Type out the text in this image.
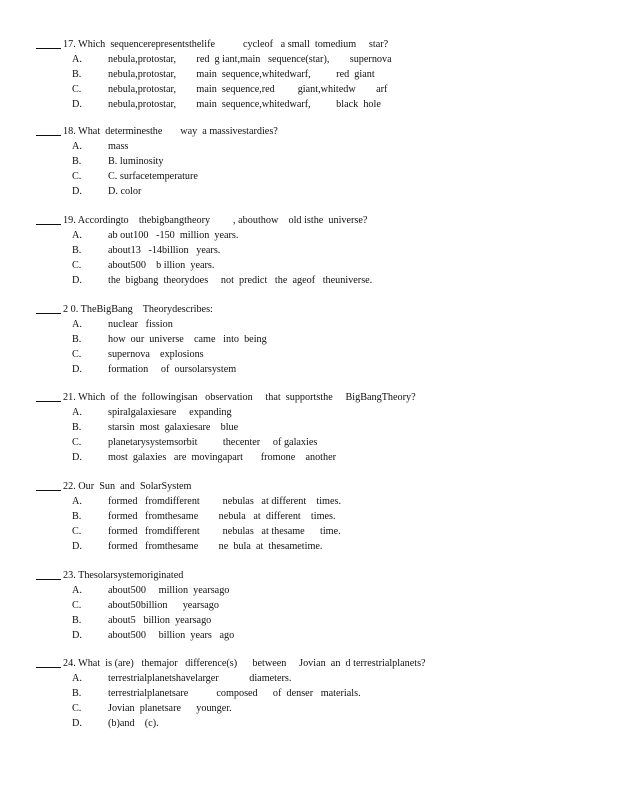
17. Which  sequencerepresentsthelife           cycleof   a small  tomedium     star?
A.	nebula,protostar,        red  g iant,main   sequence(star),        supernova
B.	nebula,protostar,        main  sequence,whitedwarf,          red  giant
C.	nebula,protostar,        main  sequence,red         giant,whitedw        arf
D.	nebula,protostar,        main  sequence,whitedwarf,          black  hole
18. What  determinesthe       way  a massivestardies?
A.	mass
B.	B. luminosity
C.	C. surfacetemperature
D.	D. color
19. Accordingto    thebigbangtheory         , abouthow    old isthe  universe?
A.	ab out100   -150  million  years.
B.	about13   -14billion   years.
C.	about500    b illion  years.
D.	the  bigbang  theorydoes     not  predict   the  ageof   theuniverse.
2 0. TheBigBang    Theorydescribes:
A.	nuclear   fission
B.	how  our  universe    came   into  being
C.	supernova    explosions
D.	formation     of  oursolarsystem
21. Which  of  the  followingisan   observation     that  supportsthe     BigBangTheory?
A.	spiralgalaxiesare     expanding
B.	starsin  most  galaxiesare    blue
C.	planetarysystemsorbit          thecenter     of galaxies
D.	most  galaxies   are  movingapart       fromone    another
22. Our  Sun  and  SolarSystem
A.	formed   fromdifferent         nebulas   at different    times.
B.	formed   fromthesame        nebula   at  different    times.
C.	formed   fromdifferent         nebulas   at thesame      time.
D.	formed   fromthesame        ne  bula  at  thesametime.
23. Thesolarsystemoriginated
A.	about500     million  yearsago
C.	about50billion      yearsago
B.	about5   billion  yearsago
D.	about500     billion  years   ago
24. What  is (are)   themajor   difference(s)      between     Jovian  an  d terrestrialplanets?
A.	terrestrialplanetshavelarger            diameters.
B.	terrestrialplanetsare           composed      of  denser   materials.
C.	Jovian  planetsare      younger.
D.	(b)and    (c).
